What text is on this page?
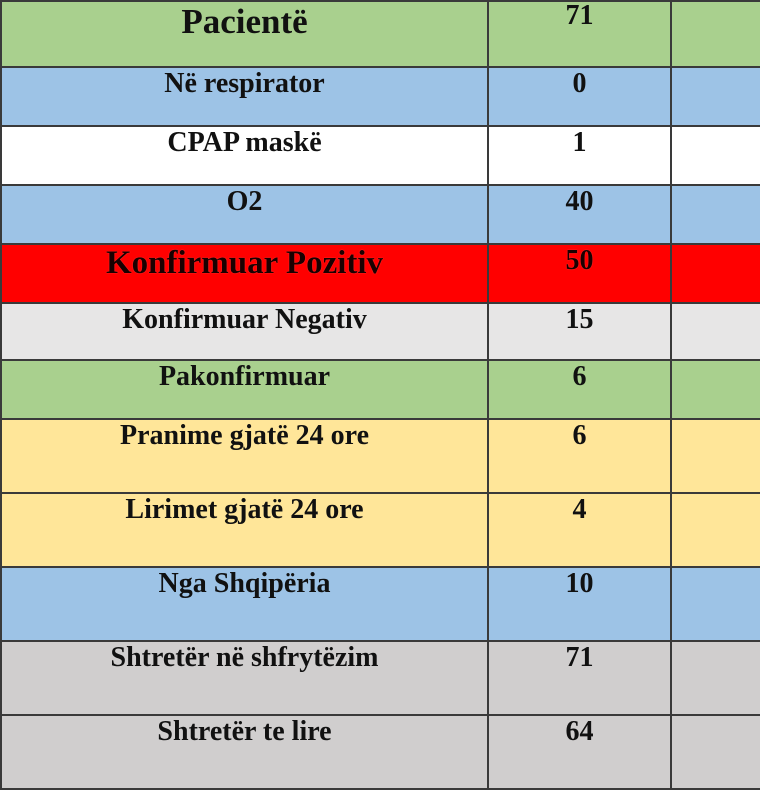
Pacientë	71	

Në respirator	0	

CPAP maskë	1	

O2	40	

Konfirmuar Pozitiv	50	

Konfirmuar Negativ	15	

Pakonfirmuar	6	

Pranime gjatë 24 ore	6	

Lirimet gjatë 24 ore	4	

Nga Shqipëria	10	

Shtretër në shfrytëzim	71	

Shtretër te lire	64	
